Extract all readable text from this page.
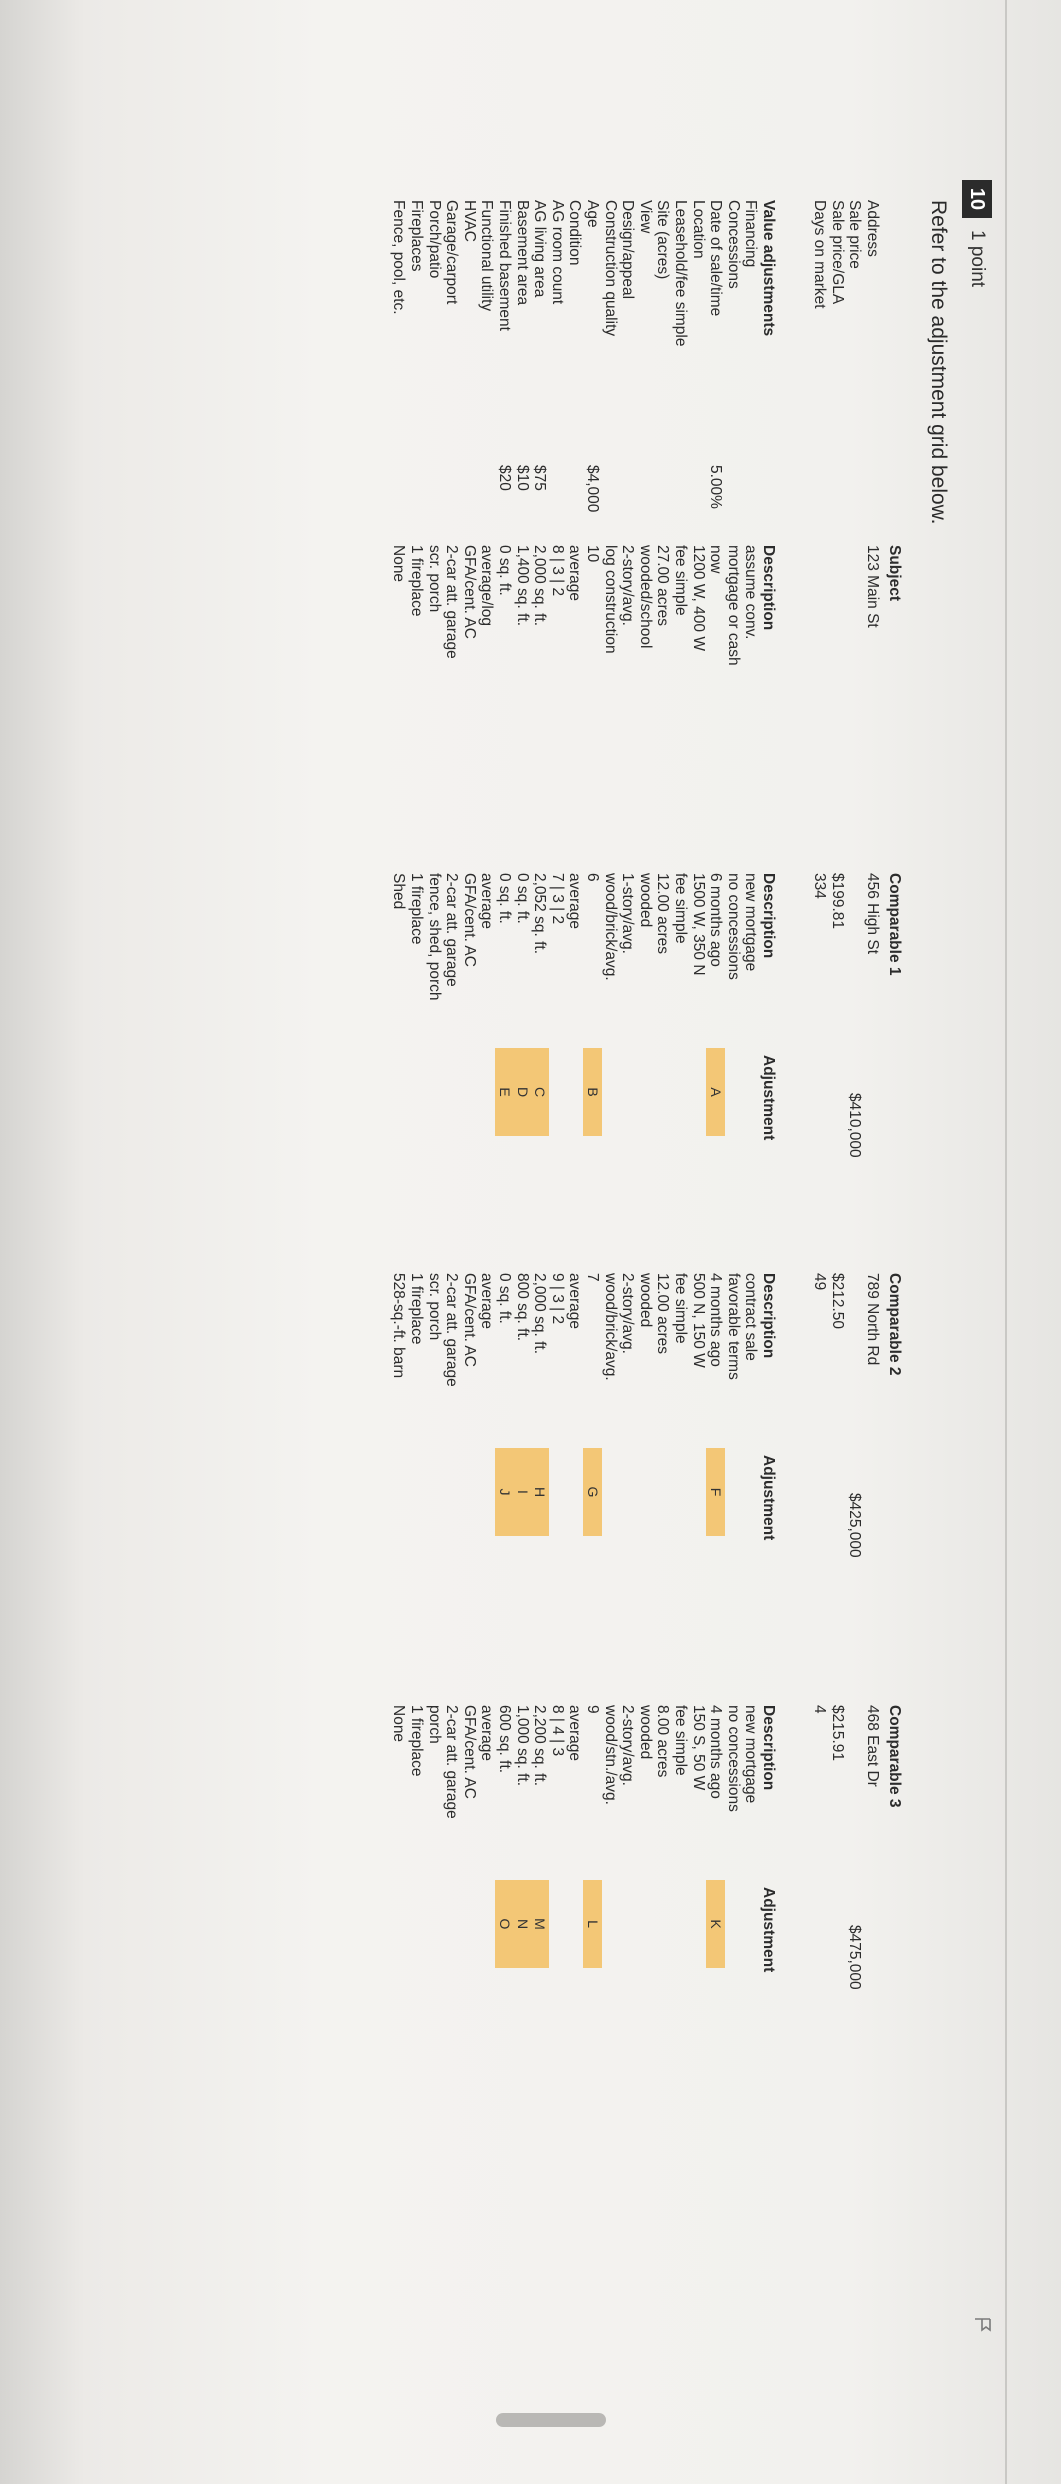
10
1 point
Refer to the adjustment grid below.
Address
Sale price
Sale price/GLA
Days on market
Value adjustments
Financing
Concessions
Date of sale/time
Location
Leasehold/fee simple
Site (acres)
View
Design/appeal
Construction quality
Age
Condition
AG room count
AG living area
Basement area
Finished basement
Functional utility
HVAC
Garage/carport
Porch/patio
Fireplaces
Fence, pool, etc.
5.00%
$4,000
$75
$10
$20
Subject
123 Main St
Description
assume conv.
mortgage or cash
now
1200 W, 400 W
fee simple
27.00 acres
wooded/school
2-story/avg.
log construction
10
average
8 | 3 | 2
2,000 sq. ft.
1,400 sq. ft.
0 sq. ft.
average/log
GFA/cent. AC
2-car att. garage
scr. porch
1 fireplace
None
Comparable 1
456 High St
$199.81
334
Description
new mortgage
no concessions
6 months ago
1500 W, 350 N
fee simple
12.00 acres
wooded
1-story/avg.
wood/brick/avg.
6
average
7 | 3 | 2
2,052 sq. ft.
0 sq. ft.
0 sq. ft.
average
GFA/cent. AC
2-car att. garage
fence, shed, porch
1 fireplace
Shed
$410,000
Adjustment
A
B
C
D
E
Comparable 2
789 North Rd
$212.50
49
Description
contract sale
favorable terms
4 months ago
500 N, 150 W
fee simple
12.00 acres
wooded
2-story/avg.
wood/brick/avg.
7
average
9 | 3 | 2
2,000 sq. ft.
800 sq. ft.
0 sq. ft.
average
GFA/cent. AC
2-car att. garage
scr. porch
1 fireplace
528-sq.-ft. barn
$425,000
Adjustment
F
G
H
I
J
Comparable 3
468 East Dr
$215.91
4
Description
new mortgage
no concessions
4 months ago
150 S, 50 W
fee simple
8.00 acres
wooded
2-story/avg.
wood/stn./avg.
9
average
8 | 4 | 3
2,200 sq. ft.
1,000 sq. ft.
600 sq. ft.
average
GFA/cent. AC
2-car att. garage
porch
1 fireplace
None
$475,000
Adjustment
K
L
M
N
O
